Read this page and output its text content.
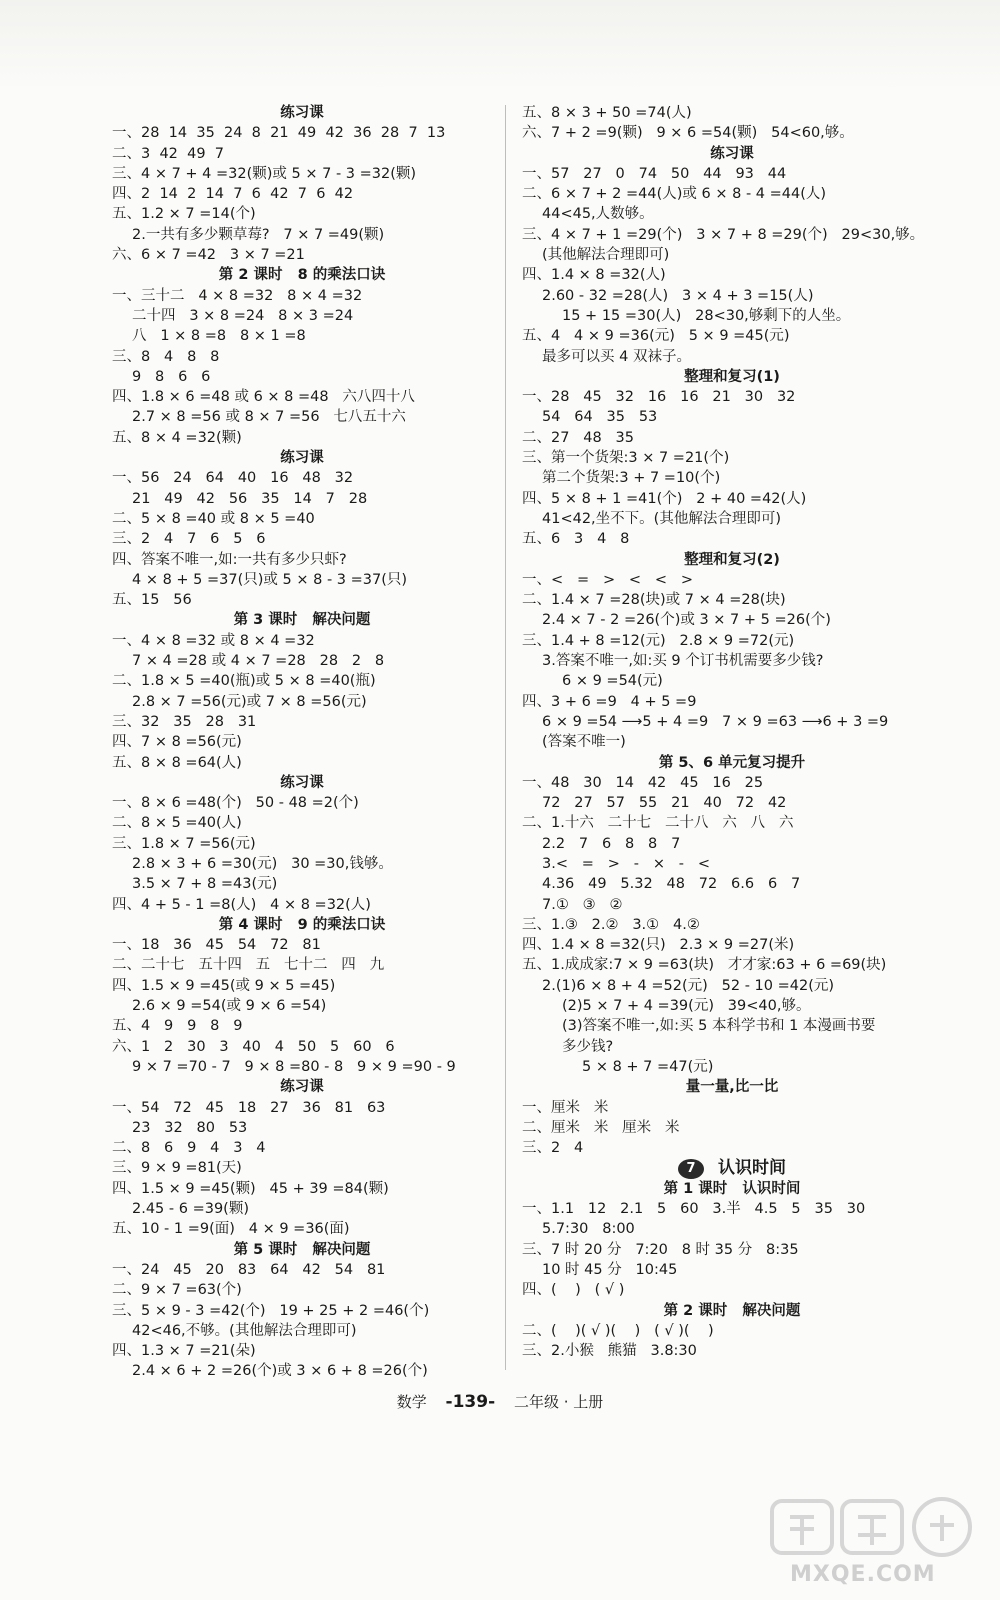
练习课
一、28  14  35  24  8  21  49  42  36  28  7  13
二、3  42  49  7
三、4 × 7 + 4 =32(颗)或 5 × 7 - 3 =32(颗)
四、2  14  2  14  7  6  42  7  6  42
五、1.2 × 7 =14(个)
2.一共有多少颗草莓?   7 × 7 =49(颗)
六、6 × 7 =42   3 × 7 =21
第 2 课时   8 的乘法口诀
一、三十二   4 × 8 =32   8 × 4 =32
二十四   3 × 8 =24   8 × 3 =24
八   1 × 8 =8   8 × 1 =8
三、8   4   8   8
9   8   6   6
四、1.8 × 6 =48 或 6 × 8 =48   六八四十八
2.7 × 8 =56 或 8 × 7 =56   七八五十六
五、8 × 4 =32(颗)
练习课
一、56   24   64   40   16   48   32
21   49   42   56   35   14   7   28
二、5 × 8 =40 或 8 × 5 =40
三、2   4   7   6   5   6
四、答案不唯一,如:一共有多少只虾?
4 × 8 + 5 =37(只)或 5 × 8 - 3 =37(只)
五、15   56
第 3 课时   解决问题
一、4 × 8 =32 或 8 × 4 =32
7 × 4 =28 或 4 × 7 =28   28   2   8
二、1.8 × 5 =40(瓶)或 5 × 8 =40(瓶)
2.8 × 7 =56(元)或 7 × 8 =56(元)
三、32   35   28   31
四、7 × 8 =56(元)
五、8 × 8 =64(人)
练习课
一、8 × 6 =48(个)   50 - 48 =2(个)
二、8 × 5 =40(人)
三、1.8 × 7 =56(元)
2.8 × 3 + 6 =30(元)   30 =30,钱够。
3.5 × 7 + 8 =43(元)
四、4 + 5 - 1 =8(人)   4 × 8 =32(人)
第 4 课时   9 的乘法口诀
一、18   36   45   54   72   81
二、二十七   五十四   五   七十二   四   九
四、1.5 × 9 =45(或 9 × 5 =45)
2.6 × 9 =54(或 9 × 6 =54)
五、4   9   9   8   9
六、1   2   30   3   40   4   50   5   60   6
9 × 7 =70 - 7   9 × 8 =80 - 8   9 × 9 =90 - 9
练习课
一、54   72   45   18   27   36   81   63
23   32   80   53
二、8   6   9   4   3   4
三、9 × 9 =81(天)
四、1.5 × 9 =45(颗)   45 + 39 =84(颗)
2.45 - 6 =39(颗)
五、10 - 1 =9(面)   4 × 9 =36(面)
第 5 课时   解决问题
一、24   45   20   83   64   42   54   81
二、9 × 7 =63(个)
三、5 × 9 - 3 =42(个)   19 + 25 + 2 =46(个)
42<46,不够。(其他解法合理即可)
四、1.3 × 7 =21(朵)
2.4 × 6 + 2 =26(个)或 3 × 6 + 8 =26(个)
五、8 × 3 + 50 =74(人)
六、7 + 2 =9(颗)   9 × 6 =54(颗)   54<60,够。
练习课
一、57   27   0   74   50   44   93   44
二、6 × 7 + 2 =44(人)或 6 × 8 - 4 =44(人)
44<45,人数够。
三、4 × 7 + 1 =29(个)   3 × 7 + 8 =29(个)   29<30,够。
(其他解法合理即可)
四、1.4 × 8 =32(人)
2.60 - 32 =28(人)   3 × 4 + 3 =15(人)
15 + 15 =30(人)   28<30,够剩下的人坐。
五、4   4 × 9 =36(元)   5 × 9 =45(元)
最多可以买 4 双袜子。
整理和复习(1)
一、28   45   32   16   16   21   30   32
54   64   35   53
二、27   48   35
三、第一个货架:3 × 7 =21(个)
第二个货架:3 + 7 =10(个)
四、5 × 8 + 1 =41(个)   2 + 40 =42(人)
41<42,坐不下。(其他解法合理即可)
五、6   3   4   8
整理和复习(2)
一、<   =   >   <   <   >
二、1.4 × 7 =28(块)或 7 × 4 =28(块)
2.4 × 7 - 2 =26(个)或 3 × 7 + 5 =26(个)
三、1.4 + 8 =12(元)   2.8 × 9 =72(元)
3.答案不唯一,如:买 9 个订书机需要多少钱?
6 × 9 =54(元)
四、3 + 6 =9   4 + 5 =9
6 × 9 =54 ⟶5 + 4 =9   7 × 9 =63 ⟶6 + 3 =9
(答案不唯一)
第 5、6 单元复习提升
一、48   30   14   42   45   16   25
72   27   57   55   21   40   72   42
二、1.十六   二十七   二十八   六   八   六
2.2   7   6   8   8   7
3.<   =   >   -   ×   -   <
4.36   49   5.32   48   72   6.6   6   7
7.①   ③   ②
三、1.③   2.②   3.①   4.②
四、1.4 × 8 =32(只)   2.3 × 9 =27(米)
五、1.成成家:7 × 9 =63(块)   才才家:63 + 6 =69(块)
2.(1)6 × 8 + 4 =52(元)   52 - 10 =42(元)
(2)5 × 7 + 4 =39(元)   39<40,够。
(3)答案不唯一,如:买 5 本科学书和 1 本漫画书要
多少钱?
5 × 8 + 7 =47(元)
量一量,比一比
一、厘米   米
二、厘米   米   厘米   米
三、2   4
7	认识时间
第 1 课时   认识时间
一、1.1   12   2.1   5   60   3.半   4.5   5   35   30
5.7:30   8:00
三、7 时 20 分   7:20   8 时 35 分   8:35
10 时 45 分   10:45
四、(    )   ( √ )
第 2 课时   解决问题
二、(    )( √ )(    )   ( √ )(    )
三、2.小猴   熊猫   3.8:30
数学 -139- 二年级 · 上册
MXQE.COM
